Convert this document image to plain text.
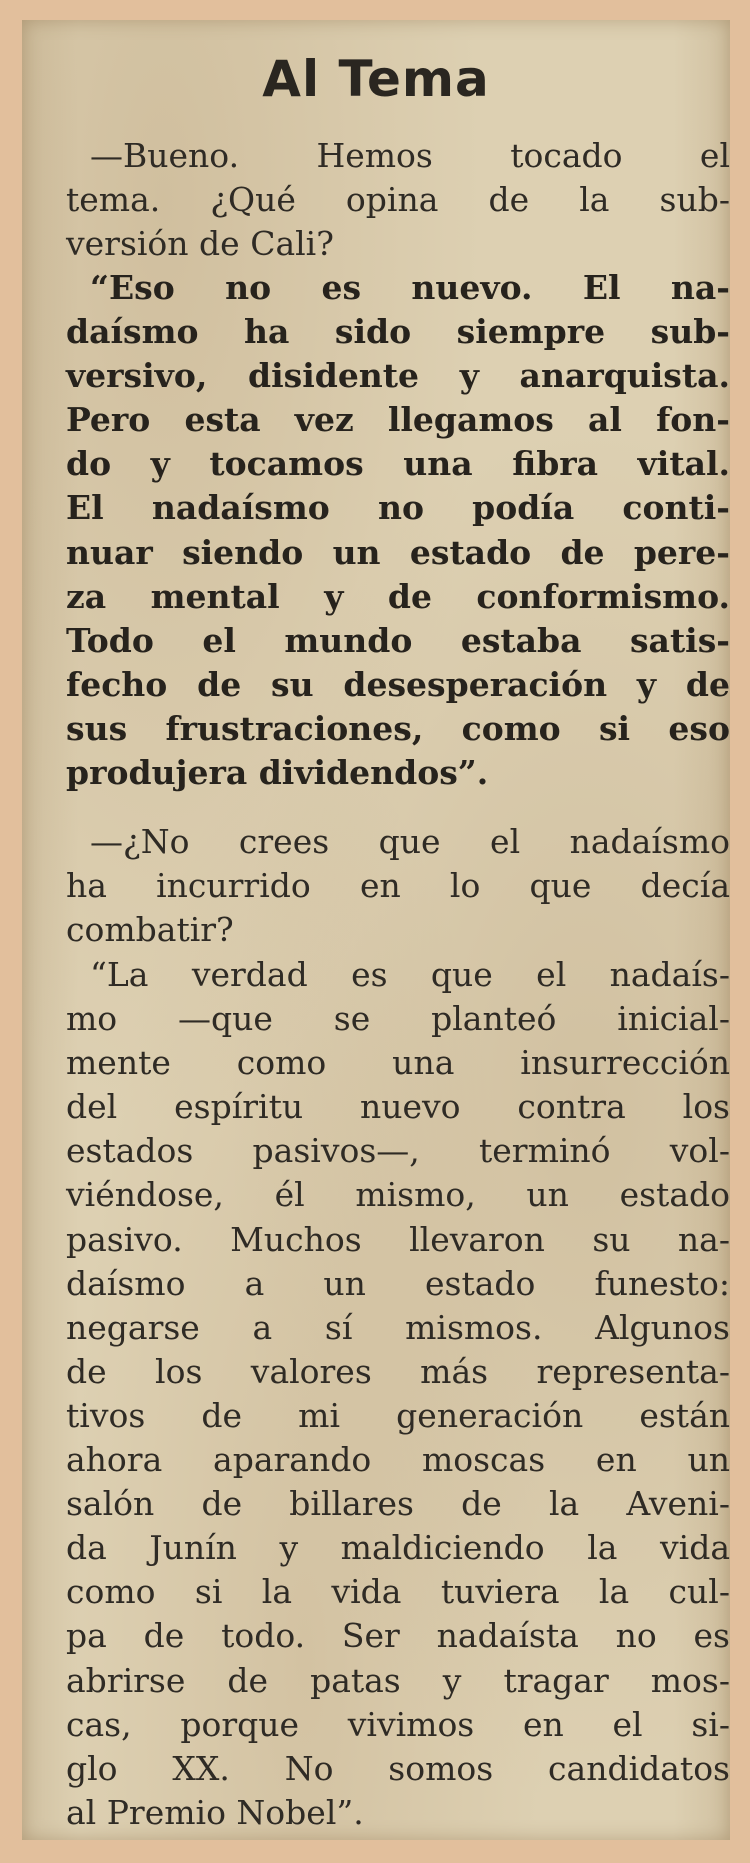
Al Tema

—Bueno. Hemos tocado el
tema. ¿Qué opina de la sub-
versión de Cali?

“Eso no es nuevo. El na-
daísmo ha sido siempre sub-
versivo, disidente y anarquista.
Pero esta vez llegamos al fon-
do y tocamos una fibra vital.
El nadaísmo no podía conti-
nuar siendo un estado de pere-
za mental y de conformismo.
Todo el mundo estaba satis-
fecho de su desesperación y de
sus frustraciones, como si eso
produjera dividendos”.

—¿No crees que el nadaísmo
ha incurrido en lo que decía
combatir?

“La verdad es que el nadaís-
mo —que se planteó inicial-
mente como una insurrección
del espíritu nuevo contra los
estados pasivos—, terminó vol-
viéndose, él mismo, un estado
pasivo. Muchos llevaron su na-
daísmo a un estado funesto:
negarse a sí mismos. Algunos
de los valores más representa-
tivos de mi generación están
ahora aparando moscas en un
salón de billares de la Aveni-
da Junín y maldiciendo la vida
como si la vida tuviera la cul-
pa de todo. Ser nadaísta no es
abrirse de patas y tragar mos-
cas, porque vivimos en el si-
glo XX. No somos candidatos
al Premio Nobel”.
